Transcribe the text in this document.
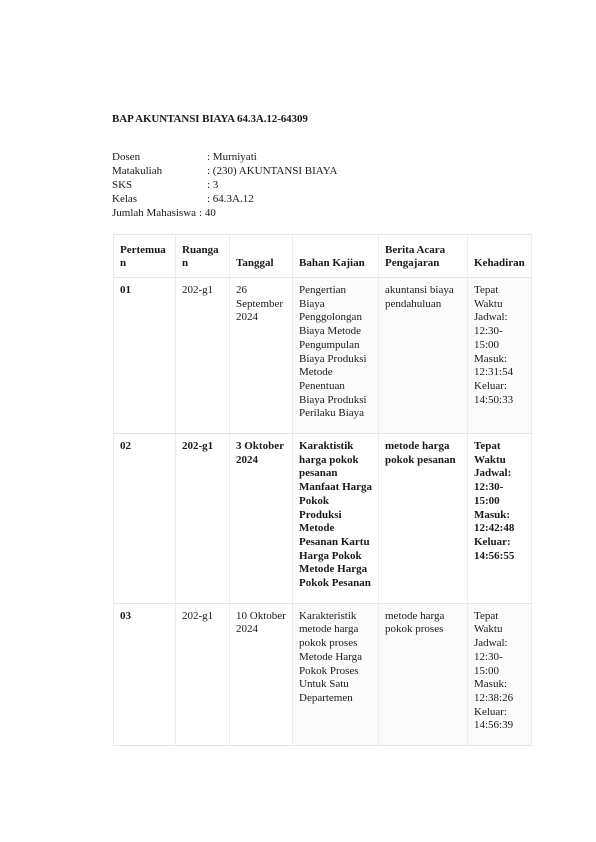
BAP AKUNTANSI BIAYA 64.3A.12-64309
Dosen	: Murniyati
Matakuliah	: (230) AKUNTANSI BIAYA
SKS	: 3
Kelas	: 64.3A.12
Jumlah Mahasiswa : 40
Pertemuan	Ruangan	Tanggal	Bahan Kajian	Berita Acara Pengajaran	Kehadiran
01	202-g1	26 September 2024	Pengertian Biaya Penggolongan Biaya Metode Pengumpulan Biaya Produksi Metode Penentuan Biaya Produksi Perilaku Biaya	akuntansi biaya pendahuluan	Tepat Waktu Jadwal: 12:30-15:00 Masuk: 12:31:54 Keluar: 14:50:33
02	202-g1	3 Oktober 2024	Karaktistik harga pokok pesanan Manfaat Harga Pokok Produksi Metode Pesanan Kartu Harga Pokok Metode Harga Pokok Pesanan	metode harga pokok pesanan	Tepat Waktu Jadwal: 12:30-15:00 Masuk: 12:42:48 Keluar: 14:56:55
03	202-g1	10 Oktober 2024	Karakteristik metode harga pokok proses Metode Harga Pokok Proses Untuk Satu Departemen	metode harga pokok proses	Tepat Waktu Jadwal: 12:30-15:00 Masuk: 12:38:26 Keluar: 14:56:39
